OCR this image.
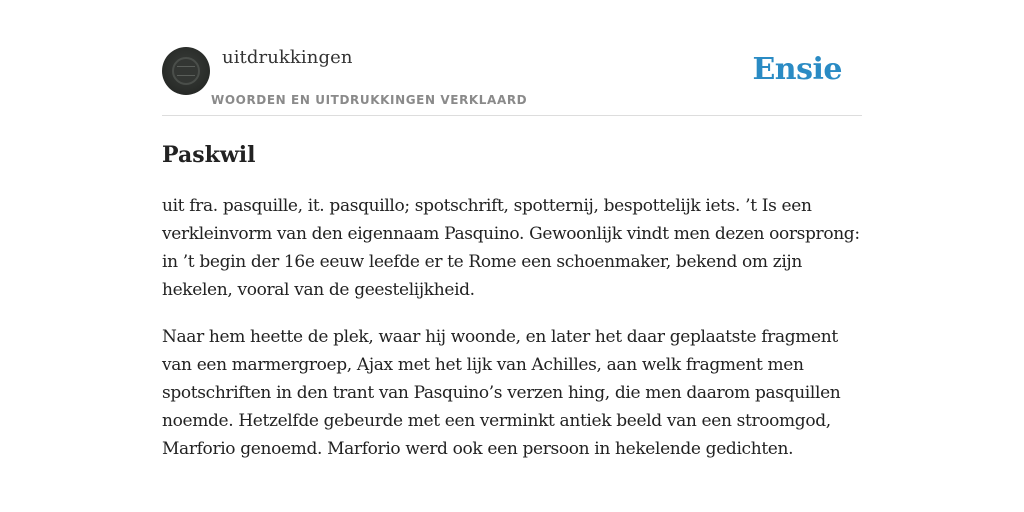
uitdrukkingen
WOORDEN EN UITDRUKKINGEN VERKLAARD
Ensie
Paskwil

uit fra. pasquille, it. pasquillo; spotschrift, spotternij, bespottelijk iets. ’t Is een verkleinvorm van den eigennaam Pasquino. Gewoonlijk vindt men dezen oorsprong: in ’t begin der 16e eeuw leefde er te Rome een schoenmaker, bekend om zijn hekelen, vooral van de geestelijkheid.

Naar hem heette de plek, waar hij woonde, en later het daar geplaatste fragment van een marmergroep, Ajax met het lijk van Achilles, aan welk fragment men spotschriften in den trant van Pasquino’s verzen hing, die men daarom pasquillen noemde. Hetzelfde gebeurde met een verminkt antiek beeld van een stroomgod, Marforio genoemd. Marforio werd ook een persoon in hekelende gedichten.
